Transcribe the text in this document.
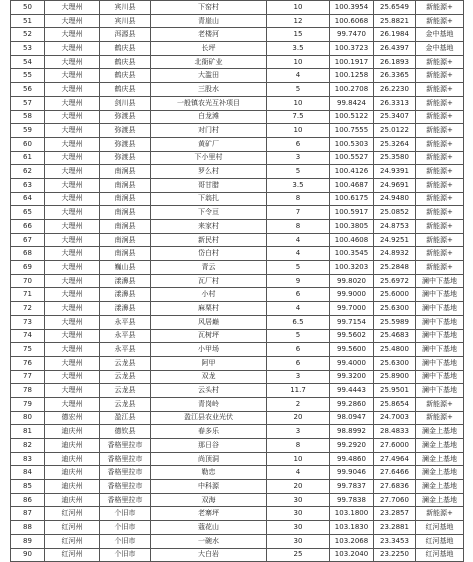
50	大理州	宾川县	下窑村	10	100.3954	25.6549	新能源+
51	大理州	宾川县	青崖山	12	100.6068	25.8821	新能源+
52	大理州	洱源县	老楼河	15	99.7470	26.1984	金中基地
53	大理州	鹤庆县	长坪	3.5	100.3723	26.4397	金中基地
54	大理州	鹤庆县	北衙矿业	10	100.1917	26.1893	新能源+
55	大理州	鹤庆县	大滥田	4	100.1258	26.3365	新能源+
56	大理州	鹤庆县	三股水	5	100.2708	26.2230	新能源+
57	大理州	剑川县	一般镇农光互补项目	10	99.8424	26.3313	新能源+
58	大理州	弥渡县	白龙滩	7.5	100.5122	25.3407	新能源+
59	大理州	弥渡县	对门村	10	100.7555	25.0122	新能源+
60	大理州	弥渡县	黄矿厂	6	100.5303	25.3264	新能源+
61	大理州	弥渡县	下小里村	3	100.5527	25.3580	新能源+
62	大理州	南涧县	罗么村	5	100.4126	24.9391	新能源+
63	大理州	南涧县	哥甘腊	3.5	100.4687	24.9691	新能源+
64	大理州	南涧县	下翁扎	8	100.6175	24.9480	新能源+
65	大理州	南涧县	下令亘	7	100.5917	25.0852	新能源+
66	大理州	南涧县	来家村	8	100.3805	24.8753	新能源+
67	大理州	南涧县	新民村	4	100.4608	24.9251	新能源+
68	大理州	南涧县	岱白村	4	100.3545	24.8932	新能源+
69	大理州	巍山县	青云	5	100.3203	25.2848	新能源+
70	大理州	漾濞县	瓦厂村	9	99.8020	25.6972	澜中下基地
71	大理州	漾濞县	小村	6	99.9000	25.6000	澜中下基地
72	大理州	漾濞县	麻栗村	4	99.7000	25.6300	澜中下基地
73	大理州	永平县	风居巅	6.5	99.7154	25.5989	澜中下基地
74	大理州	永平县	瓦树坪	5	99.5602	25.4683	澜中下基地
75	大理州	永平县	小甲场	6	99.5600	25.4800	澜中下基地
76	大理州	云龙县	阿甲	6	99.4000	25.6300	澜中下基地
77	大理州	云龙县	双龙	3	99.3200	25.8900	澜中下基地
78	大理州	云龙县	云头村	11.7	99.4443	25.9501	澜中下基地
79	大理州	云龙县	青岗岭	2	99.2860	25.8654	新能源+
80	德宏州	盈江县	盈江县农业光伏	20	98.0947	24.7003	新能源+
81	迪庆州	德钦县	春多乐	3	98.8992	28.4833	澜金上基地
82	迪庆州	香格里拉市	那日谷	8	99.2920	27.6000	澜金上基地
83	迪庆州	香格里拉市	尚顶洞	10	99.4860	27.4964	澜金上基地
84	迪庆州	香格里拉市	勒忠	4	99.9046	27.6466	澜金上基地
85	迪庆州	香格里拉市	中科源	20	99.7837	27.6836	澜金上基地
86	迪庆州	香格里拉市	双海	30	99.7838	27.7060	澜金上基地
87	红河州	个旧市	老寨坪	30	103.1800	23.2857	新能源+
88	红河州	个旧市	蔻花山	30	103.1830	23.2881	红河基地
89	红河州	个旧市	一碗水	30	103.2068	23.3453	红河基地
90	红河州	个旧市	大白岩	25	103.2040	23.2250	红河基地
